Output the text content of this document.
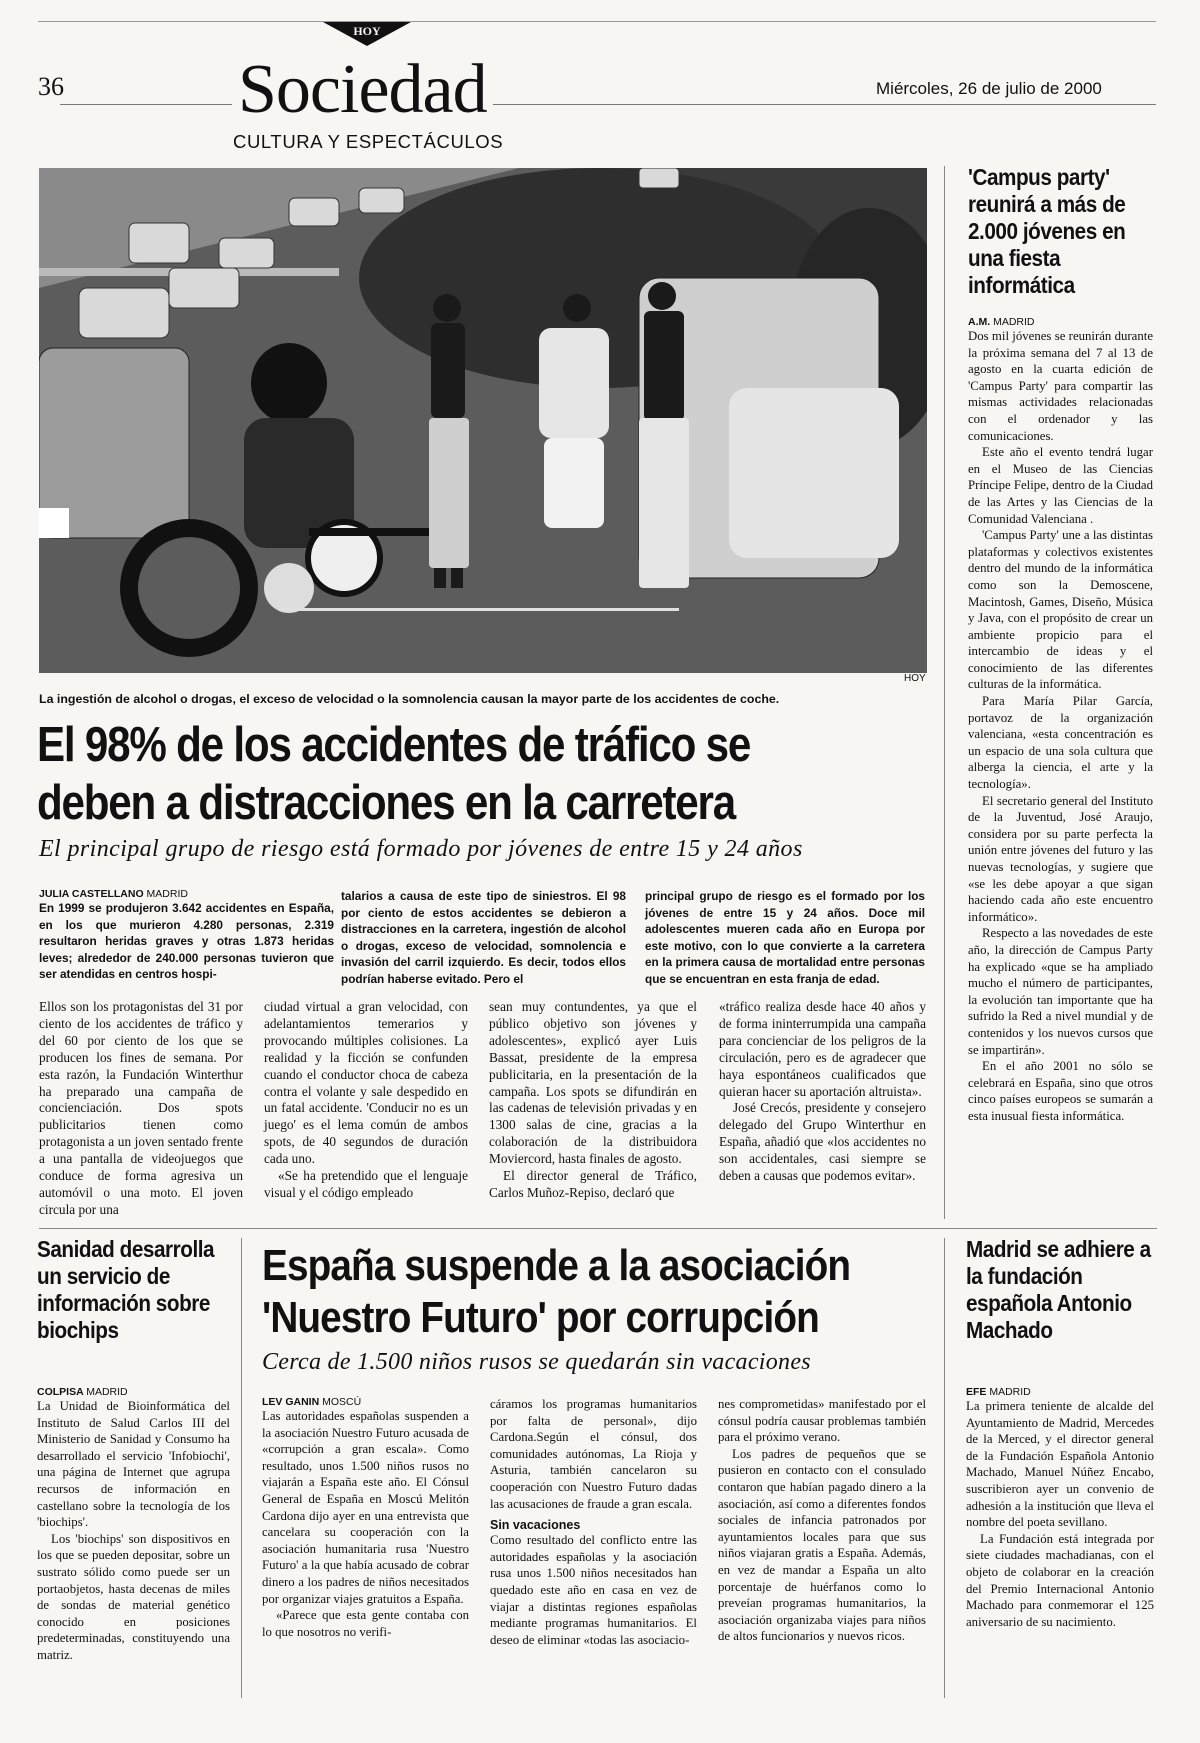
HOY
36 Sociedad
CULTURA Y ESPECTÁCULOS
Miércoles, 26 de julio de 2000
HOY
La ingestión de alcohol o drogas, el exceso de velocidad o la somnolencia causan la mayor parte de los accidentes de coche.
El 98% de los accidentes de tráfico se
deben a distracciones en la carretera
El principal grupo de riesgo está formado por jóvenes de entre 15 y 24 años
JULIA CASTELLANO MADRID
En 1999 se produjeron 3.642 accidentes en España, en los que murieron 4.280 personas, 2.319 resultaron heridas graves y otras 1.873 heridas leves; alrededor de 240.000 personas tuvieron que ser atendidas en centros hospi-
talarios a causa de este tipo de siniestros. El 98 por ciento de estos accidentes se debieron a distracciones en la carretera, ingestión de alcohol o drogas, exceso de velocidad, somnolencia e invasión del carril izquierdo. Es decir, todos ellos podrían haberse evitado. Pero el
principal grupo de riesgo es el formado por los jóvenes de entre 15 y 24 años. Doce mil adolescentes mueren cada año en Europa por este motivo, con lo que convierte a la carretera en la primera causa de mortalidad entre personas que se encuentran en esta franja de edad.

Ellos son los protagonistas del 31 por ciento de los accidentes de tráfico y del 60 por ciento de los que se producen los fines de semana. Por esta razón, la Fundación Winterthur ha preparado una campaña de concienciación. Dos spots publicitarios tienen como protagonista a un joven sentado frente a una pantalla de videojuegos que conduce de forma agresiva un automóvil o una moto. El joven circula por una

ciudad virtual a gran velocidad, con adelantamientos temerarios y provocando múltiples colisiones. La realidad y la ficción se confunden cuando el conductor choca de cabeza contra el volante y sale despedido en un fatal accidente. 'Conducir no es un juego' es el lema común de ambos spots, de 40 segundos de duración cada uno.

«Se ha pretendido que el lenguaje visual y el código empleado

sean muy contundentes, ya que el público objetivo son jóvenes y adolescentes», explicó ayer Luis Bassat, presidente de la empresa publicitaria, en la presentación de la campaña. Los spots se difundirán en las cadenas de televisión privadas y en 1300 salas de cine, gracias a la colaboración de la distribuidora Moviercord, hasta finales de agosto.

El director general de Tráfico, Carlos Muñoz-Repiso, declaró que

«tráfico realiza desde hace 40 años y de forma ininterrumpida una campaña para concienciar de los peligros de la circulación, pero es de agradecer que haya espontáneos cualificados que quieran hacer su aportación altruista».

José Crecós, presidente y consejero delegado del Grupo Winterthur en España, añadió que «los accidentes no son accidentales, casi siempre se deben a causas que podemos evitar».

'Campus party' reunirá a más de 2.000 jóvenes en una fiesta informática
A.M. MADRID

Dos mil jóvenes se reunirán durante la próxima semana del 7 al 13 de agosto en la cuarta edición de 'Campus Party' para compartir las mismas actividades relacionadas con el ordenador y las comunicaciones.

Este año el evento tendrá lugar en el Museo de las Ciencias Príncipe Felipe, dentro de la Ciudad de las Artes y las Ciencias de la Comunidad Valenciana .

'Campus Party' une a las distintas plataformas y colectivos existentes dentro del mundo de la informática como son la Demoscene, Macintosh, Games, Diseño, Música y Java, con el propósito de crear un ambiente propicio para el intercambio de ideas y el conocimiento de las diferentes culturas de la informática.

Para María Pilar García, portavoz de la organización valenciana, «esta concentración es un espacio de una sola cultura que alberga la ciencia, el arte y la tecnología».

El secretario general del Instituto de la Juventud, José Araujo, considera por su parte perfecta la unión entre jóvenes del futuro y las nuevas tecnologías, y sugiere que «se les debe apoyar a que sigan haciendo cada año este encuentro informático».

Respecto a las novedades de este año, la dirección de Campus Party ha explicado «que se ha ampliado mucho el número de participantes, la evolución tan importante que ha sufrido la Red a nivel mundial y de contenidos y los nuevos cursos que se impartirán».

En el año 2001 no sólo se celebrará en España, sino que otros cinco países europeos se sumarán a esta inusual fiesta informática.

Sanidad desarrolla un servicio de información sobre biochips
COLPISA MADRID

La Unidad de Bioinformática del Instituto de Salud Carlos III del Ministerio de Sanidad y Consumo ha desarrollado el servicio 'Infobiochi', una página de Internet que agrupa recursos de información en castellano sobre la tecnología de los 'biochips'.

Los 'biochips' son dispositivos en los que se pueden depositar, sobre un sustrato sólido como puede ser un portaobjetos, hasta decenas de miles de sondas de material genético conocido en posiciones predeterminadas, constituyendo una matriz.

España suspende a la asociación
'Nuestro Futuro' por corrupción
Cerca de 1.500 niños rusos se quedarán sin vacaciones
LEV GANIN MOSCÚ

Las autoridades españolas suspenden a la asociación Nuestro Futuro acusada de «corrupción a gran escala». Como resultado, unos 1.500 niños rusos no viajarán a España este año. El Cónsul General de España en Moscú Melitón Cardona dijo ayer en una entrevista que cancelara su cooperación con la asociación humanitaria rusa 'Nuestro Futuro' a la que había acusado de cobrar dinero a los padres de niños necesitados por organizar viajes gratuitos a España.

«Parece que esta gente contaba con lo que nosotros no verifi-

cáramos los programas humanitarios por falta de personal», dijo Cardona.Según el cónsul, dos comunidades autónomas, La Rioja y Asturia, también cancelaron su cooperación con Nuestro Futuro dadas las acusaciones de fraude a gran escala.

Sin vacaciones

Como resultado del conflicto entre las autoridades españolas y la asociación rusa unos 1.500 niños necesitados han quedado este año en casa en vez de viajar a distintas regiones españolas mediante programas humanitarios. El deseo de eliminar «todas las asociacio-

nes comprometidas» manifestado por el cónsul podría causar problemas también para el próximo verano.

Los padres de pequeños que se pusieron en contacto con el consulado contaron que habían pagado dinero a la asociación, así como a diferentes fondos sociales de infancia patronados por ayuntamientos locales para que sus niños viajaran gratis a España. Además, en vez de mandar a España un alto porcentaje de huérfanos como lo preveían programas humanitarios, la asociación organizaba viajes para niños de altos funcionarios y nuevos ricos.

Madrid se adhiere a la fundación española Antonio Machado
EFE MADRID

La primera teniente de alcalde del Ayuntamiento de Madrid, Mercedes de la Merced, y el director general de la Fundación Española Antonio Machado, Manuel Núñez Encabo, suscribieron ayer un convenio de adhesión a la institución que lleva el nombre del poeta sevillano.

La Fundación está integrada por siete ciudades machadianas, con el objeto de colaborar en la creación del Premio Internacional Antonio Machado para conmemorar el 125 aniversario de su nacimiento.
